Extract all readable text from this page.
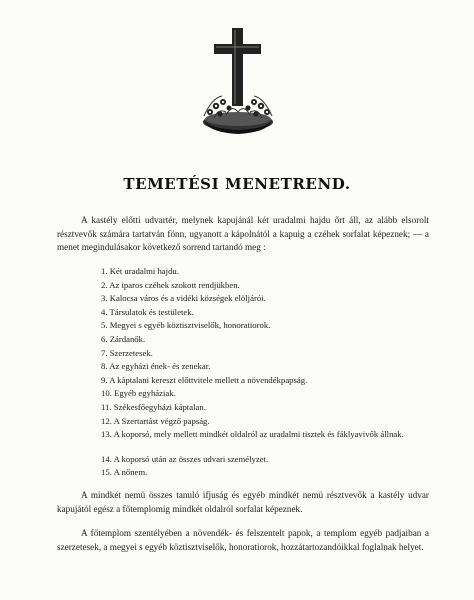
TEMETÉSI MENETREND.

A kastély előtti udvartér, melynek kapujánál két uradalmi hajdu őrt áll, az alább elsorolt résztvevők számára tartatván fönn, ugyanott a kápolnától a kapuig a czéhek sorfalat képeznek; — a menet megindulásakor következő sorrend tartandó meg :

1. Két uradalmi hajdu.
2. Az iparos czéhek szokott rendjükben.
3. Kalocsa város és a vidéki községek elöljárói.
4. Társulatok és testületek.
5. Megyei s egyéb köztisztviselők, honoratiorok.
6. Zárdanők.
7. Szerzetesek.
8. Az egyházi ének- és zenekar.
9. A káptalani kereszt előttvitele mellett a növendékpapság.
10. Egyéb egyháziak.
11. Székesfőegyházi káptalan.
12. A Szertartást végző papság.
13. A koporsó, mely mellett mindkét oldalról az uradalmi tisztek és fáklyavivők állnak.
14. A koporsó után az összes udvari személyzet.
15. A nőnem.

A mindkét nemü összes tanuló ifjuság és egyéb mindkét nemü résztvevők a kastély udvar kapujától egész a főtemplomig mindkét oldalról sorfalat képeznek.

A főtemplom szentélyében a növendék- és felszentelt papok, a templom egyéb padjaiban a szerzetesek, a megyei s egyéb köztisztviselők, honoratiorok, hozzátartozandóikkal foglalnak helyet.
